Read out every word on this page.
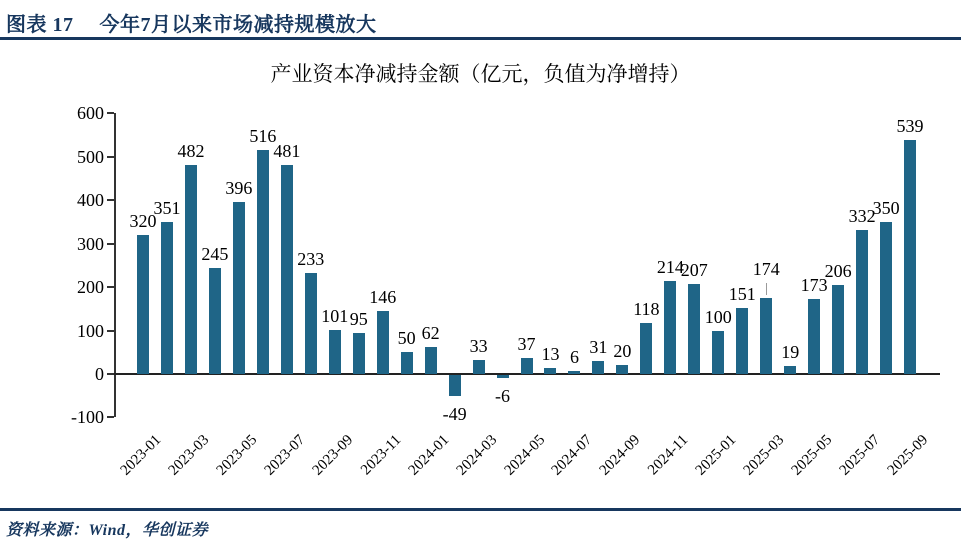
图表 17 今年7月以来市场减持规模放大
产业资本净减持金额（亿元，负值为净增持）
600
500
400
300
200
100
0
-100
320
351
482
245
396
516
481
233
101 95
146
50 62
-49
33
-6
37
13 6
31 20
118
214
207
100
151
174
19
173
206
332
350
539
2023-01 2023-03 2023-05 2023-07 2023-09 2023-11 2024-01 2024-03 2024-05 2024-07 2024-09 2024-11 2025-01 2025-03 2025-05 2025-07 2025-09
资料来源：Wind，华创证券
